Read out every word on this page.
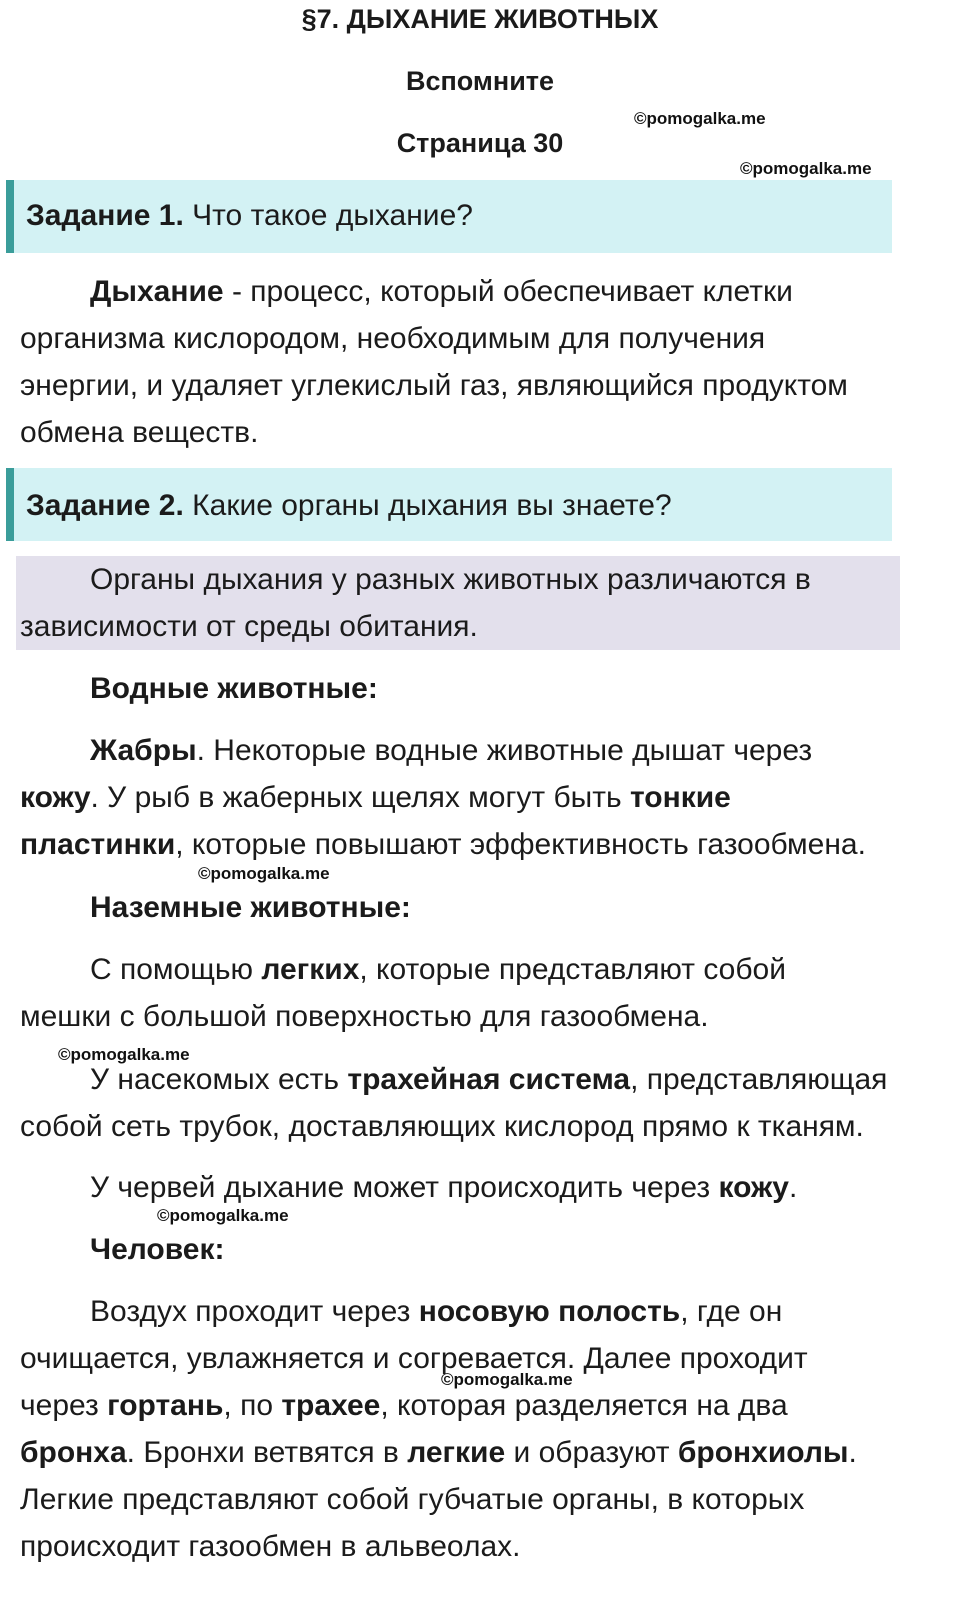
§7. ДЫХАНИЕ ЖИВОТНЫХ
Вспомните
Страница 30
©pomogalka.me
©pomogalka.me
Задание 1. Что такое дыхание?
Дыхание - процесс, который обеспечивает клетки
организма кислородом, необходимым для получения
энергии, и удаляет углекислый газ, являющийся продуктом
обмена веществ.
Задание 2. Какие органы дыхания вы знаете?
Органы дыхания у разных животных различаются в
зависимости от среды обитания.
Водные животные:
Жабры. Некоторые водные животные дышат через
кожу. У рыб в жаберных щелях могут быть тонкие
пластинки, которые повышают эффективность газообмена.
©pomogalka.me
Наземные животные:
С помощью легких, которые представляют собой
мешки с большой поверхностью для газообмена.
©pomogalka.me
У насекомых есть трахейная система, представляющая
собой сеть трубок, доставляющих кислород прямо к тканям.
У червей дыхание может происходить через кожу.
©pomogalka.me
Человек:
Воздух проходит через носовую полость, где он
очищается, увлажняется и согревается. Далее проходит
через гортань, по трахее, которая разделяется на два
бронха. Бронхи ветвятся в легкие и образуют бронхиолы.
Легкие представляют собой губчатые органы, в которых
происходит газообмен в альвеолах.
©pomogalka.me
